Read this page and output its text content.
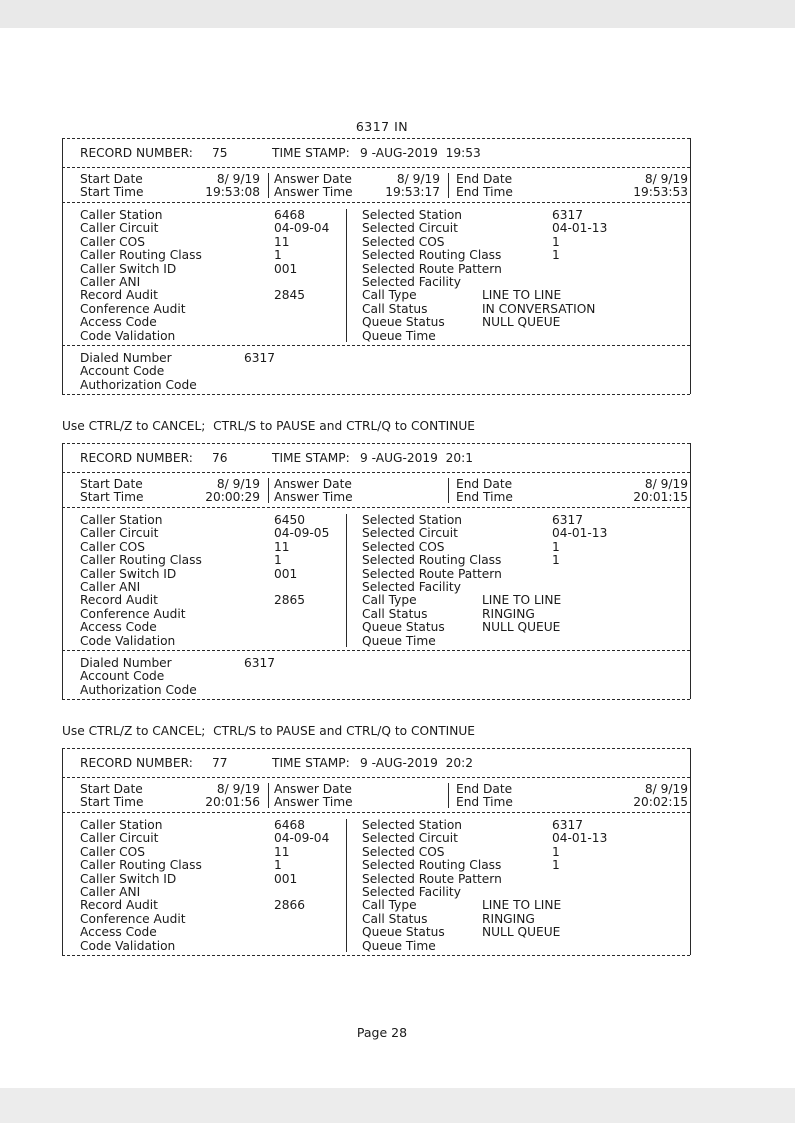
6317 IN
Page 28
RECORD NUMBER: 75	TIME STAMP: 9 -AUG-2019  19:53
Start Date	8/ 9/19
Start Time	19:53:08
Answer Date	8/ 9/19
Answer Time	19:53:17
End Date	8/ 9/19
End Time	19:53:53
Caller Station	6468
Caller Circuit	04-09-04
Caller COS	11
Caller Routing Class	1
Caller Switch ID	001
Caller ANI
Record Audit	2845
Conference Audit
Access Code
Code Validation
Selected Station	6317
Selected Circuit	04-01-13
Selected COS	1
Selected Routing Class	1
Selected Route Pattern
Selected Facility
Call Type	LINE TO LINE
Call Status	IN CONVERSATION
Queue Status	NULL QUEUE
Queue Time
Dialed Number	6317
Account Code
Authorization Code
Use CTRL/Z to CANCEL;  CTRL/S to PAUSE and CTRL/Q to CONTINUE
RECORD NUMBER: 76	TIME STAMP: 9 -AUG-2019  20:1
Start Date	8/ 9/19
Start Time	20:00:29
Answer Date
Answer Time
End Date	8/ 9/19
End Time	20:01:15
Caller Station	6450
Caller Circuit	04-09-05
Caller COS	11
Caller Routing Class	1
Caller Switch ID	001
Caller ANI
Record Audit	2865
Conference Audit
Access Code
Code Validation
Selected Station	6317
Selected Circuit	04-01-13
Selected COS	1
Selected Routing Class	1
Selected Route Pattern
Selected Facility
Call Type	LINE TO LINE
Call Status	RINGING
Queue Status	NULL QUEUE
Queue Time
Dialed Number	6317
Account Code
Authorization Code
Use CTRL/Z to CANCEL;  CTRL/S to PAUSE and CTRL/Q to CONTINUE
RECORD NUMBER: 77	TIME STAMP: 9 -AUG-2019  20:2
Start Date	8/ 9/19
Start Time	20:01:56
Answer Date
Answer Time
End Date	8/ 9/19
End Time	20:02:15
Caller Station	6468
Caller Circuit	04-09-04
Caller COS	11
Caller Routing Class	1
Caller Switch ID	001
Caller ANI
Record Audit	2866
Conference Audit
Access Code
Code Validation
Selected Station	6317
Selected Circuit	04-01-13
Selected COS	1
Selected Routing Class	1
Selected Route Pattern
Selected Facility
Call Type	LINE TO LINE
Call Status	RINGING
Queue Status	NULL QUEUE
Queue Time
